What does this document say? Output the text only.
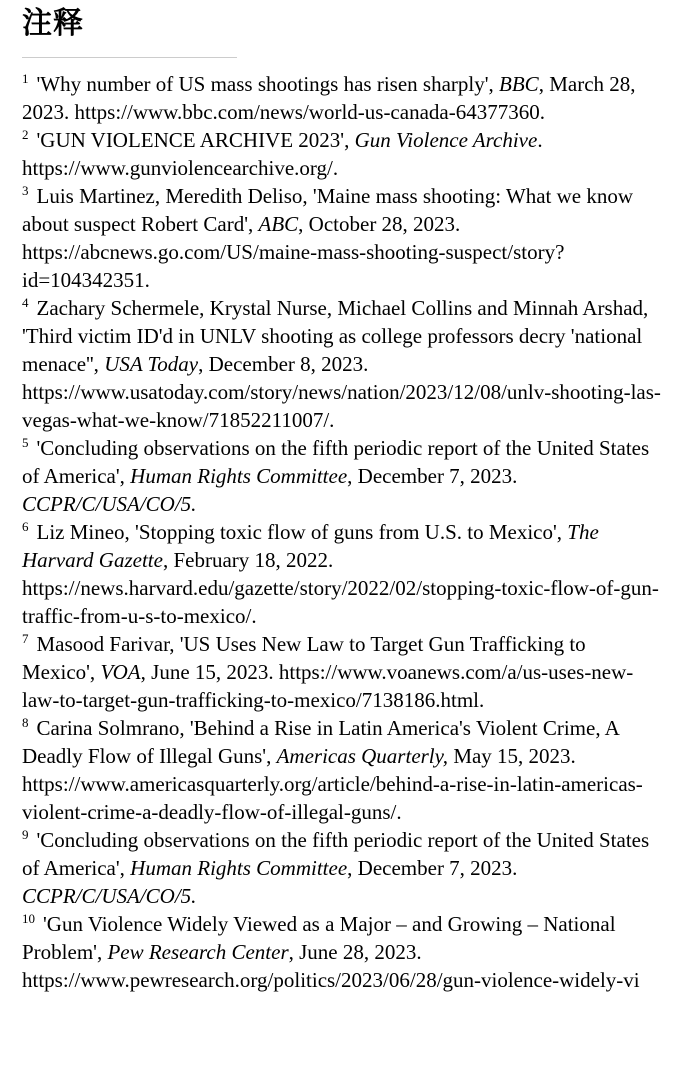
注释

$^1$ 'Why number of US mass shootings has risen sharply', BBC, March 28, 2023. https://www.bbc.com/news/world-us-canada-64377360.

$^2$ 'GUN VIOLENCE ARCHIVE 2023', Gun Violence Archive. https://www.gunviolencearchive.org/.

$^3$ Luis Martinez, Meredith Deliso, 'Maine mass shooting: What we know about suspect Robert Card', ABC, October 28, 2023. https://abcnews.go.com/US/maine-mass-shooting-suspect/story?id=104342351.

$^4$ Zachary Schermele, Krystal Nurse, Michael Collins and Minnah Arshad, 'Third victim ID'd in UNLV shooting as college professors decry 'national menace'', USA Today, December 8, 2023. https://www.usatoday.com/story/news/nation/2023/12/08/unlv-shooting-las-vegas-what-we-know/71852211007/.

$^5$ 'Concluding observations on the fifth periodic report of the United States of America', Human Rights Committee, December 7, 2023. CCPR/C/USA/CO/5.

$^6$ Liz Mineo, 'Stopping toxic flow of guns from U.S. to Mexico', The Harvard Gazette, February 18, 2022. https://news.harvard.edu/gazette/story/2022/02/stopping-toxic-flow-of-gun-traffic-from-u-s-to-mexico/.

$^7$ Masood Farivar, 'US Uses New Law to Target Gun Trafficking to Mexico', VOA, June 15, 2023. https://www.voanews.com/a/us-uses-new-law-to-target-gun-trafficking-to-mexico/7138186.html.

$^8$ Carina Solmrano, 'Behind a Rise in Latin America's Violent Crime, A Deadly Flow of Illegal Guns', Americas Quarterly, May 15, 2023. https://www.americasquarterly.org/article/behind-a-rise-in-latin-americas-violent-crime-a-deadly-flow-of-illegal-guns/.

$^9$ 'Concluding observations on the fifth periodic report of the United States of America', Human Rights Committee, December 7, 2023. CCPR/C/USA/CO/5.

$^{10}$ 'Gun Violence Widely Viewed as a Major – and Growing – National Problem', Pew Research Center, June 28, 2023. https://www.pewresearch.org/politics/2023/06/28/gun-violence-widely-vi
